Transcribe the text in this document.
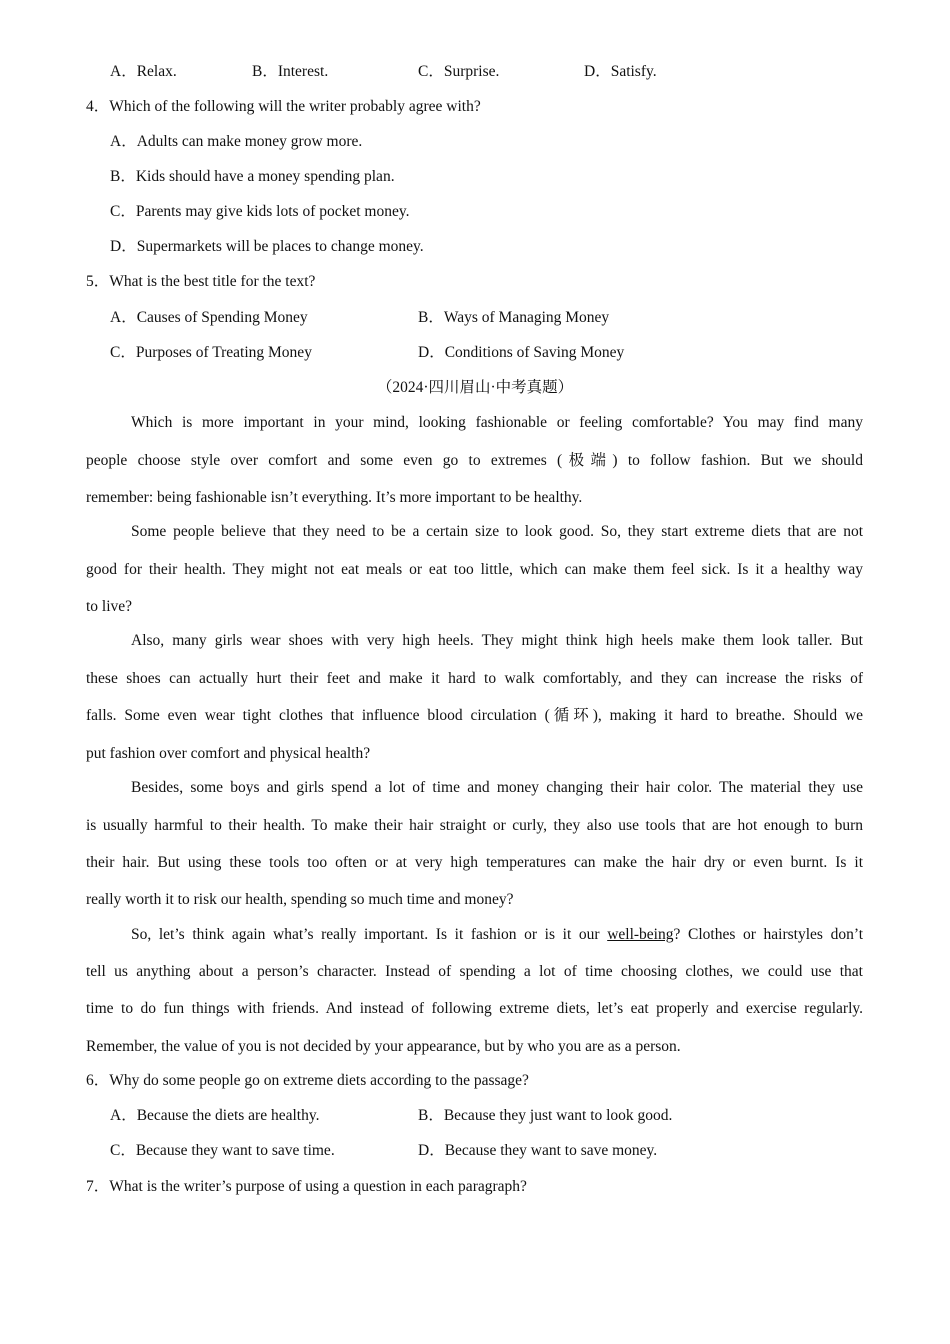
A．Relax.	B．Interest.	C．Surprise.	D．Satisfy.
4．Which of the following will the writer probably agree with?
A．Adults can make money grow more.
B．Kids should have a money spending plan.
C．Parents may give kids lots of pocket money.
D．Supermarkets will be places to change money.
5．What is the best title for the text?
A．Causes of Spending Money	B．Ways of Managing Money
C．Purposes of Treating Money	D．Conditions of Saving Money
（2024·四川眉山·中考真题）
Which is more important in your mind, looking fashionable or feeling comfortable? You may find many
people choose style over comfort and some even go to extremes (极端) to follow fashion. But we should
remember: being fashionable isn’t everything. It’s more important to be healthy.
Some people believe that they need to be a certain size to look good. So, they start extreme diets that are not
good for their health. They might not eat meals or eat too little, which can make them feel sick. Is it a healthy way
to live?
Also, many girls wear shoes with very high heels. They might think high heels make them look taller. But
these shoes can actually hurt their feet and make it hard to walk comfortably, and they can increase the risks of
falls. Some even wear tight clothes that influence blood circulation (循环), making it hard to breathe. Should we
put fashion over comfort and physical health?
Besides, some boys and girls spend a lot of time and money changing their hair color. The material they use
is usually harmful to their health. To make their hair straight or curly, they also use tools that are hot enough to burn
their hair. But using these tools too often or at very high temperatures can make the hair dry or even burnt. Is it
really worth it to risk our health, spending so much time and money?
So, let’s think again what’s really important. Is it fashion or is it our well-being? Clothes or hairstyles don’t
tell us anything about a person’s character. Instead of spending a lot of time choosing clothes, we could use that
time to do fun things with friends. And instead of following extreme diets, let’s eat properly and exercise regularly.
Remember, the value of you is not decided by your appearance, but by who you are as a person.
6．Why do some people go on extreme diets according to the passage?
A．Because the diets are healthy.	B．Because they just want to look good.
C．Because they want to save time.	D．Because they want to save money.
7．What is the writer’s purpose of using a question in each paragraph?
